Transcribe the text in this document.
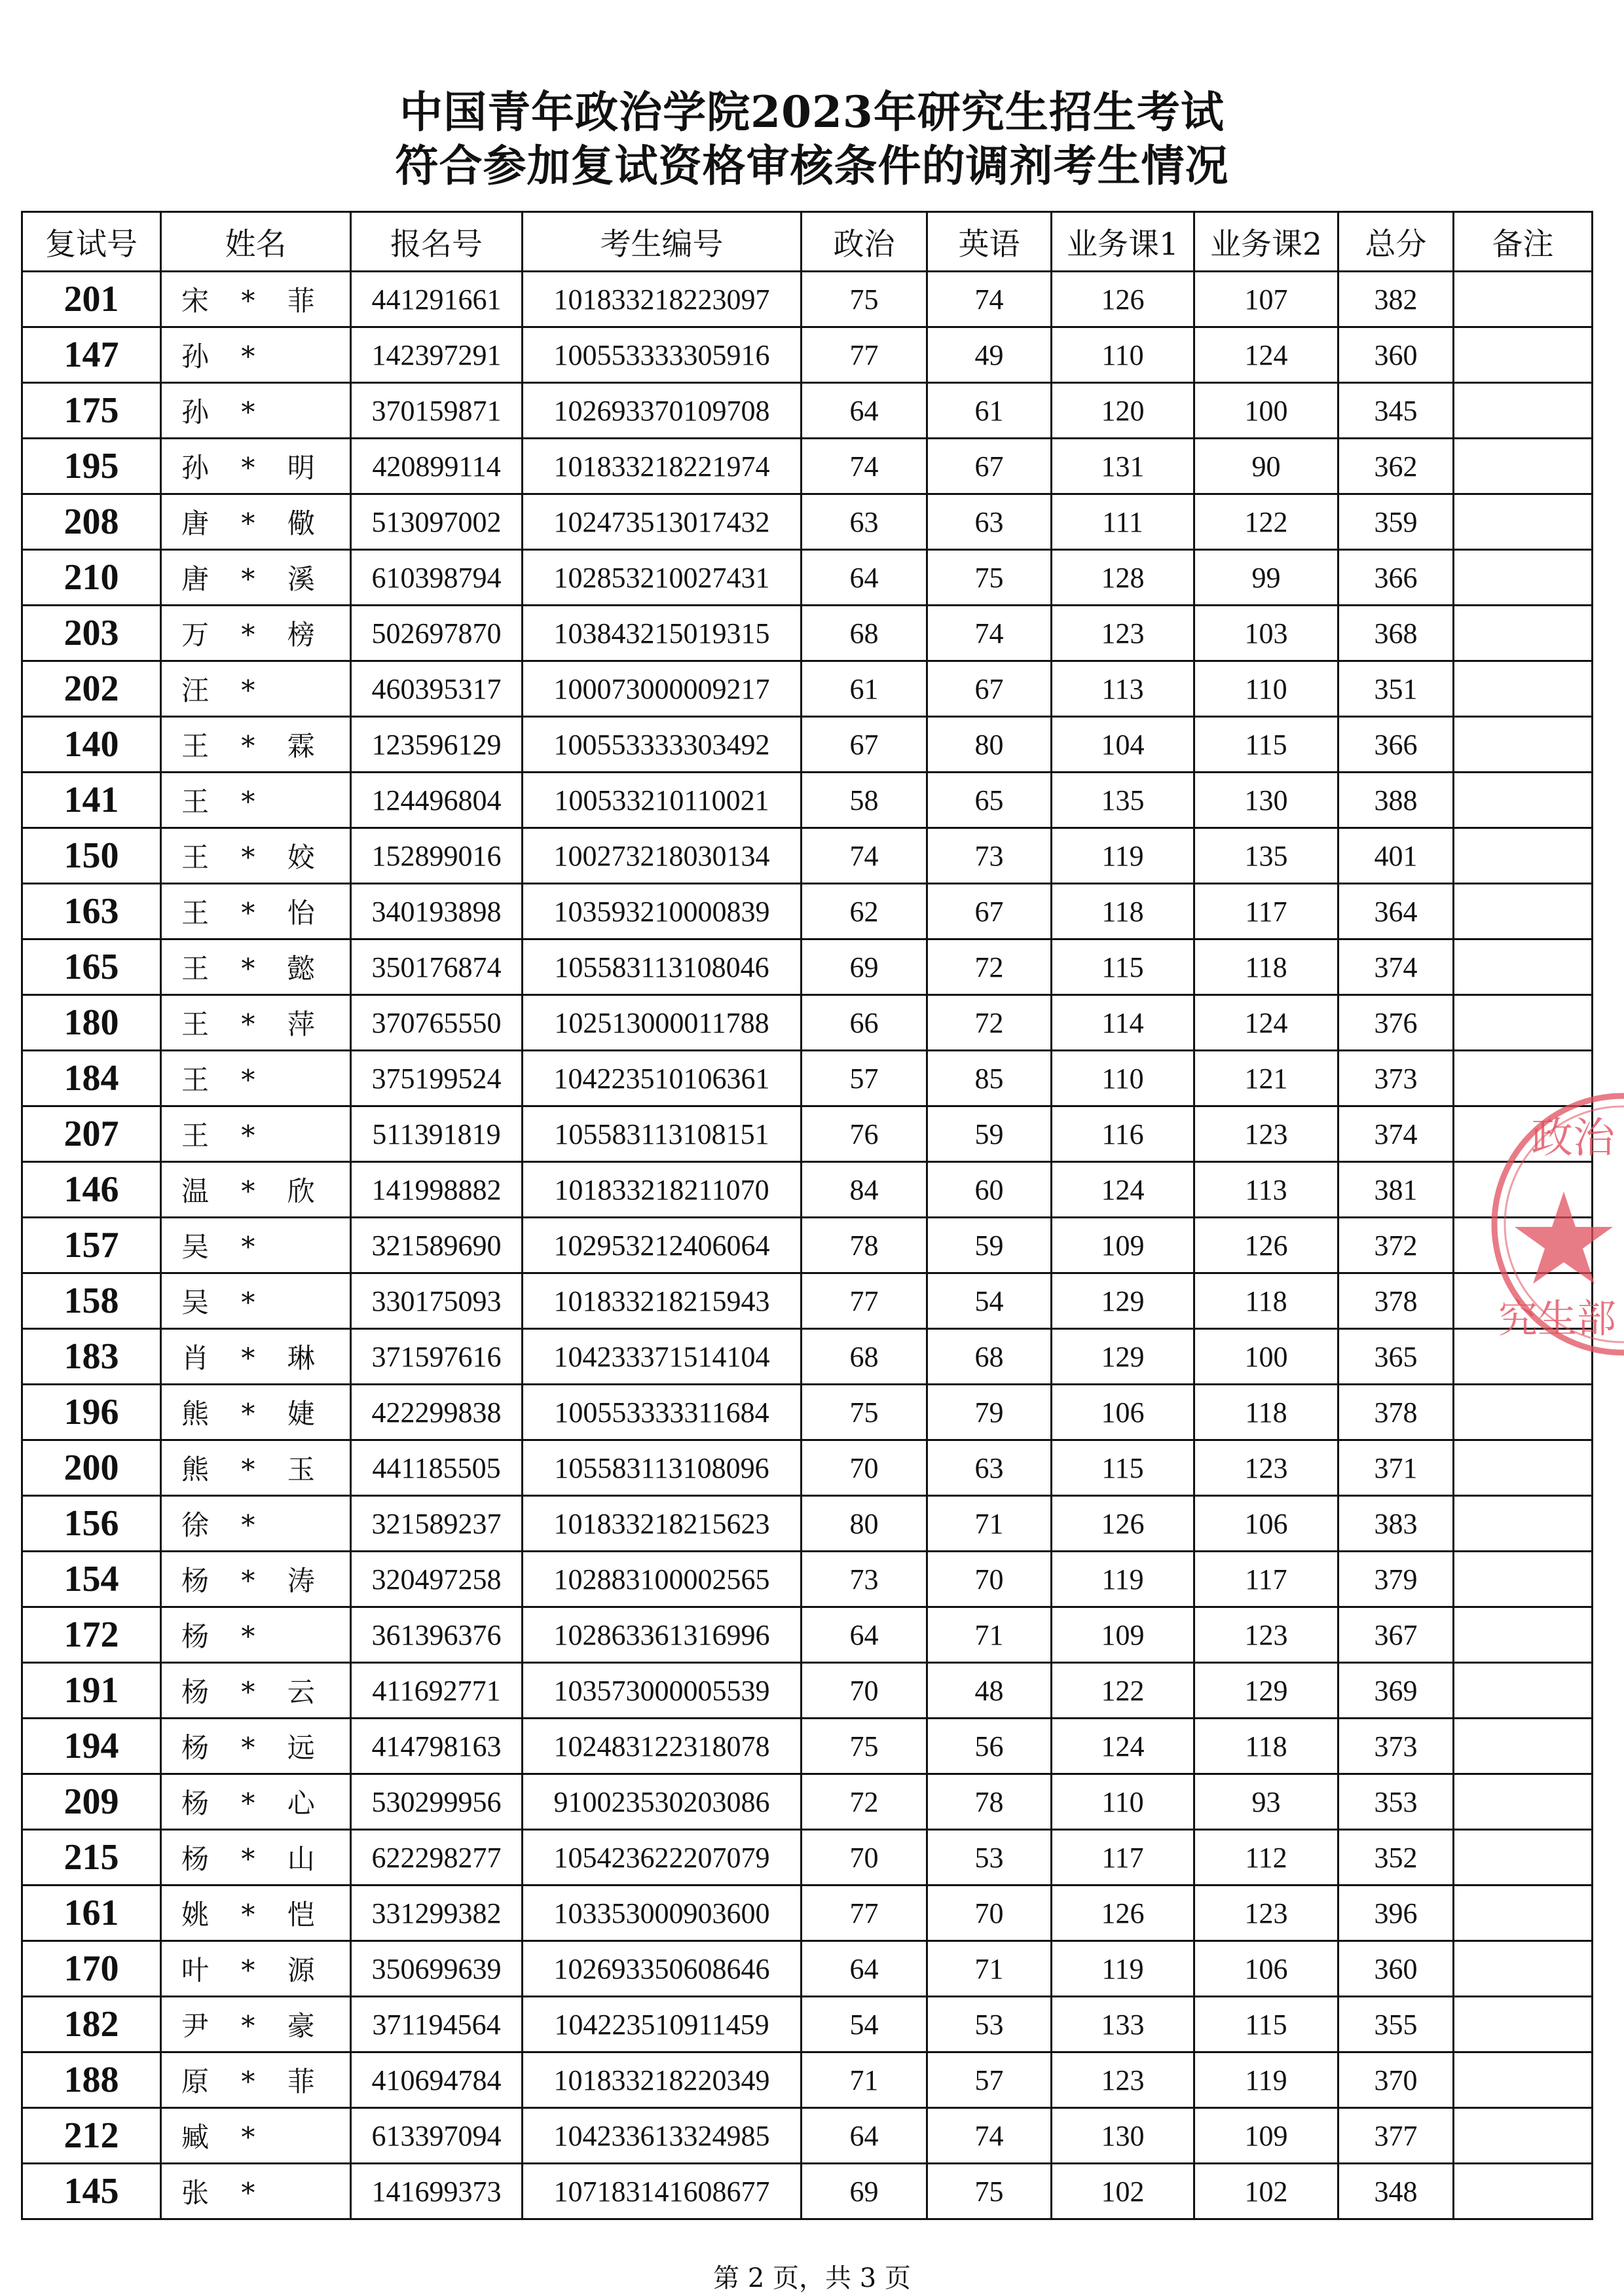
中国青年政治学院2023年研究生招生考试
符合参加复试资格审核条件的调剂考生情况
复试号	姓名	报名号	考生编号	政治	英语	业务课1	业务课2	总分	备注
201	宋 * 菲	441291661	101833218223097	75	74	126	107	382	
147	孙 *	142397291	100553333305916	77	49	110	124	360	
175	孙 *	370159871	102693370109708	64	61	120	100	345	
195	孙 * 明	420899114	101833218221974	74	67	131	90	362	
208	唐 * 儆	513097002	102473513017432	63	63	111	122	359	
210	唐 * 溪	610398794	102853210027431	64	75	128	99	366	
203	万 * 榜	502697870	103843215019315	68	74	123	103	368	
202	汪 *	460395317	100073000009217	61	67	113	110	351	
140	王 * 霖	123596129	100553333303492	67	80	104	115	366	
141	王 *	124496804	100533210110021	58	65	135	130	388	
150	王 * 姣	152899016	100273218030134	74	73	119	135	401	
163	王 * 怡	340193898	103593210000839	62	67	118	117	364	
165	王 * 懿	350176874	105583113108046	69	72	115	118	374	
180	王 * 萍	370765550	102513000011788	66	72	114	124	376	
184	王 *	375199524	104223510106361	57	85	110	121	373	
207	王 *	511391819	105583113108151	76	59	116	123	374	
146	温 * 欣	141998882	101833218211070	84	60	124	113	381	
157	吴 *	321589690	102953212406064	78	59	109	126	372	
158	吴 *	330175093	101833218215943	77	54	129	118	378	
183	肖 * 琳	371597616	104233371514104	68	68	129	100	365	
196	熊 * 婕	422299838	100553333311684	75	79	106	118	378	
200	熊 * 玉	441185505	105583113108096	70	63	115	123	371	
156	徐 *	321589237	101833218215623	80	71	126	106	383	
154	杨 * 涛	320497258	102883100002565	73	70	119	117	379	
172	杨 *	361396376	102863361316996	64	71	109	123	367	
191	杨 * 云	411692771	103573000005539	70	48	122	129	369	
194	杨 * 远	414798163	102483122318078	75	56	124	118	373	
209	杨 * 心	530299956	910023530203086	72	78	110	93	353	
215	杨 * 山	622298277	105423622207079	70	53	117	112	352	
161	姚 * 恺	331299382	103353000903600	77	70	126	123	396	
170	叶 * 源	350699639	102693350608646	64	71	119	106	360	
182	尹 * 豪	371194564	104223510911459	54	53	133	115	355	
188	原 * 菲	410694784	101833218220349	71	57	123	119	370	
212	臧 *	613397094	104233613324985	64	74	130	109	377	
145	张 *	141699373	107183141608677	69	75	102	102	348	
政治
究生部
第 2 页，共 3 页
